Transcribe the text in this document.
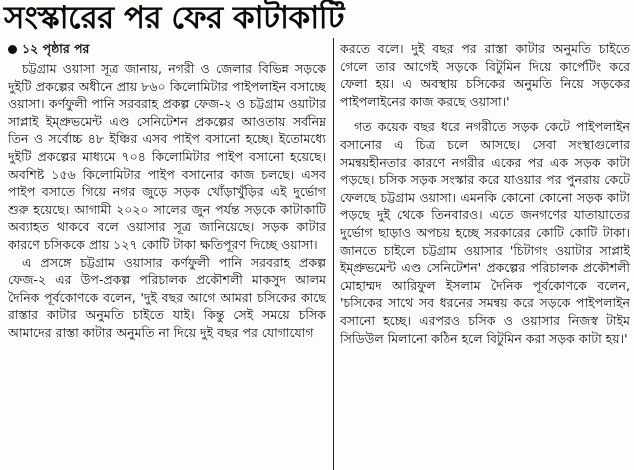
সংস্কারের পর ফের কাটাকাটি
১২ পৃষ্ঠার পর

চট্টগ্রাম ওয়াসা সূত্র জানায়, নগরী ও জেলার বিভিন্ন সড়কে দুইটি প্রকল্পের অধীনে প্রায় ৮৬০ কিলোমিটার পাইপলাইন বসাচ্ছে ওয়াসা। কর্ণফুলী পানি সরবরাহ প্রকল্প ফেজ-২ ও চট্টগ্রাম ওয়াটার সাপ্লাই ইম্প্রুভমেন্ট এণ্ড সেনিটেশন প্রকল্পের আওতায় সর্বনিম্ন তিন ও সর্বোচ্চ ৪৮ ইঞ্চির এসব পাইপ বসানো হচ্ছে। ইতোমধ্যে দুইটি প্রকল্পের মাধ্যমে ৭০৪ কিলোমিটার পাইপ বসানো হয়েছে। অবশিষ্ট ১৫৬ কিলোমিটার পাইপ বসানোর কাজ চলছে। এসব পাইপ বসাতে গিয়ে নগর জুড়ে সড়ক খোঁড়াখুঁড়ির এই দুর্ভোগ শুরু হয়েছে। আগামী ২০২০ সালের জুন পর্যন্ত সড়কে কাটাকাটি অব্যাহত থাকবে বলে ওয়াসার সূত্র জানিয়েছে। সড়ক কাটার কারণে চসিককে প্রায় ১২৭ কোটি টাকা ক্ষতিপূরণ দিচ্ছে ওয়াসা।

এ প্রসঙ্গে চট্টগ্রাম ওয়াসার কর্ণফুলী পানি সরবরাহ প্রকল্প ফেজ-২ এর উপ-প্রকল্প পরিচালক প্রকৌশলী মাকসুদ আলম দৈনিক পূর্বকোণকে বলেন, 'দুই বছর আগে আমরা চসিকের কাছে রাস্তার কাটার অনুমতি চাইতে যাই। কিন্তু সেই সময়ে চসিক আমাদের রাস্তা কাটার অনুমতি না দিয়ে দুই বছর পর যোগাযোগ

করতে বলে। দুই বছর পর রাস্তা কাটার অনুমতি চাইতে গেলে তার আগেই সড়কে বিটুমিন দিয়ে কার্পেটিং করে ফেলা হয়। এ অবস্থায় চসিকের অনুমতি নিয়ে সড়কের পাইপলাইনের কাজ করছে ওয়াসা।'

গত কয়েক বছর ধরে নগরীতে সড়ক কেটে পাইপলাইন বসানোর এ চিত্র চলে আসছে। সেবা সংস্থাগুলোর সমন্বয়হীনতার কারণে নগরীর একের পর এক সড়ক কাটা পড়ছে। চসিক সড়ক সংস্কার করে যাওয়ার পর পুনরায় কেটে ফেলছে চট্টগ্রাম ওয়াসা। এমনকি কোনো কোনো সড়ক কাটা পড়ছে দুই থেকে তিনবারও। এতে জনগণের যাতায়াতের দুর্ভোগ ছাড়াও অপচয় হচ্ছে সরকারের কোটি কোটি টাকা। জানতে চাইলে চট্টগ্রাম ওয়াসার 'চিটাগং ওয়াটার সাপ্লাই ইম্প্রুভমেন্ট এণ্ড সেনিটেশন' প্রকল্পের পরিচালক প্রকৌশলী মোহাম্মদ আরিফুল ইসলাম দৈনিক পূর্বকোণকে বলেন, 'চসিকের সাথে সব ধরনের সমন্বয় করে সড়কে পাইপলাইন বসানো হচ্ছে। এরপরও চসিক ও ওয়াসার নিজস্ব টাইম সিডিউল মিলানো কঠিন হলে বিটুমিন করা সড়ক কাটা হয়।'
